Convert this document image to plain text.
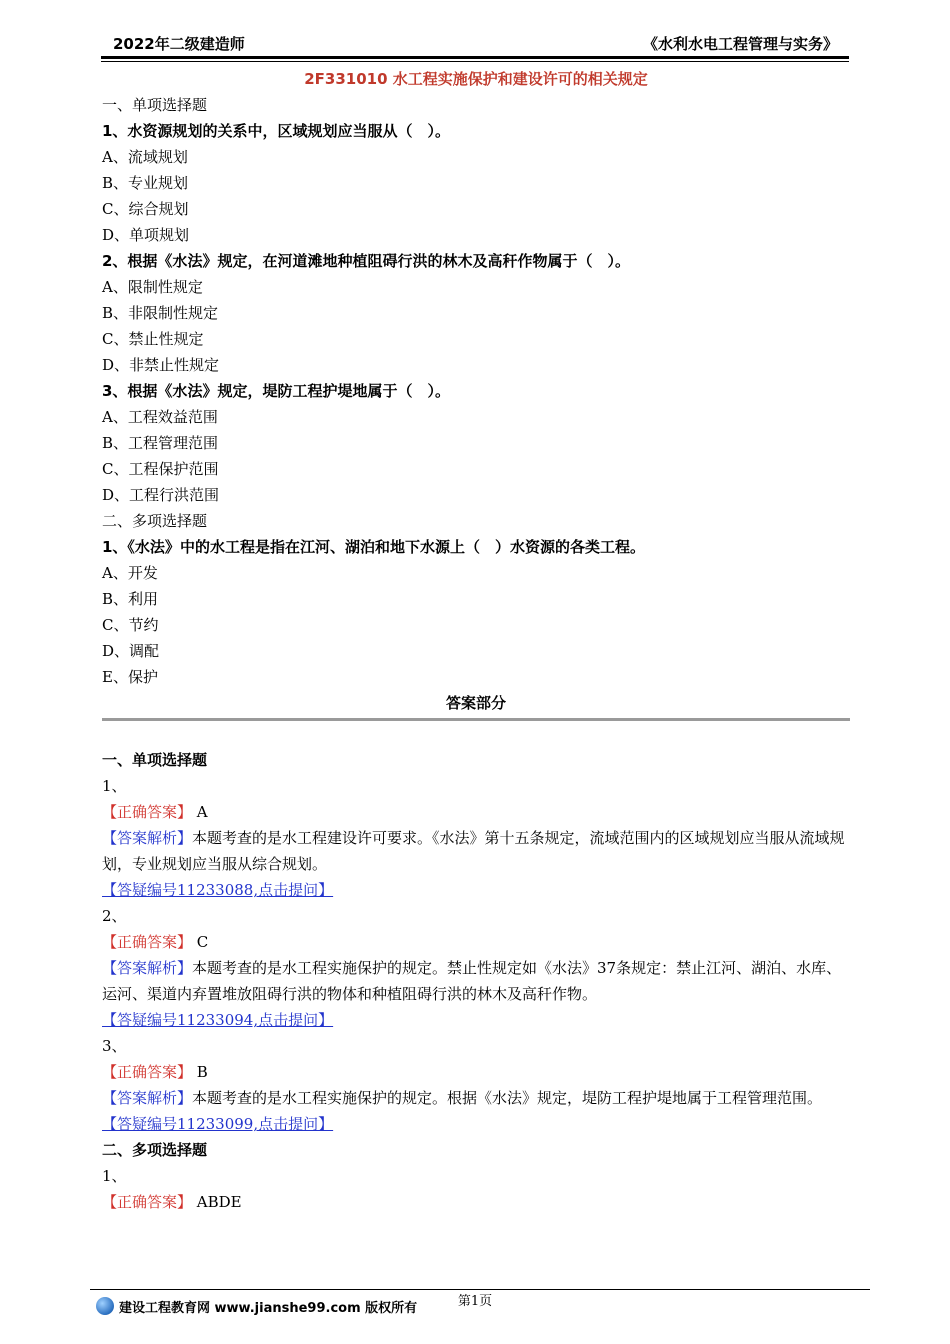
2022年二级建造师	《水利水电工程管理与实务》
2F331010 水工程实施保护和建设许可的相关规定
一、单项选择题
1、水资源规划的关系中，区域规划应当服从（　）。
A、流域规划
B、专业规划
C、综合规划
D、单项规划
2、根据《水法》规定，在河道滩地种植阻碍行洪的林木及高秆作物属于（　）。
A、限制性规定
B、非限制性规定
C、禁止性规定
D、非禁止性规定
3、根据《水法》规定，堤防工程护堤地属于（　）。
A、工程效益范围
B、工程管理范围
C、工程保护范围
D、工程行洪范围
二、多项选择题
1、《水法》中的水工程是指在江河、湖泊和地下水源上（　）水资源的各类工程。
A、开发
B、利用
C、节约
D、调配
E、保护
答案部分
一、单项选择题
1、
【正确答案】 A
【答案解析】本题考查的是水工程建设许可要求。《水法》第十五条规定，流域范围内的区域规划应当服从流域规划，专业规划应当服从综合规划。
【答疑编号11233088,点击提问】
2、
【正确答案】 C
【答案解析】本题考查的是水工程实施保护的规定。禁止性规定如《水法》37条规定：禁止江河、湖泊、水库、运河、渠道内弃置堆放阻碍行洪的物体和种植阻碍行洪的林木及高秆作物。
【答疑编号11233094,点击提问】
3、
【正确答案】 B
【答案解析】本题考查的是水工程实施保护的规定。根据《水法》规定，堤防工程护堤地属于工程管理范围。
【答疑编号11233099,点击提问】
二、多项选择题
1、
【正确答案】 ABDE
第1页
建设工程教育网 www.jianshe99.com 版权所有
